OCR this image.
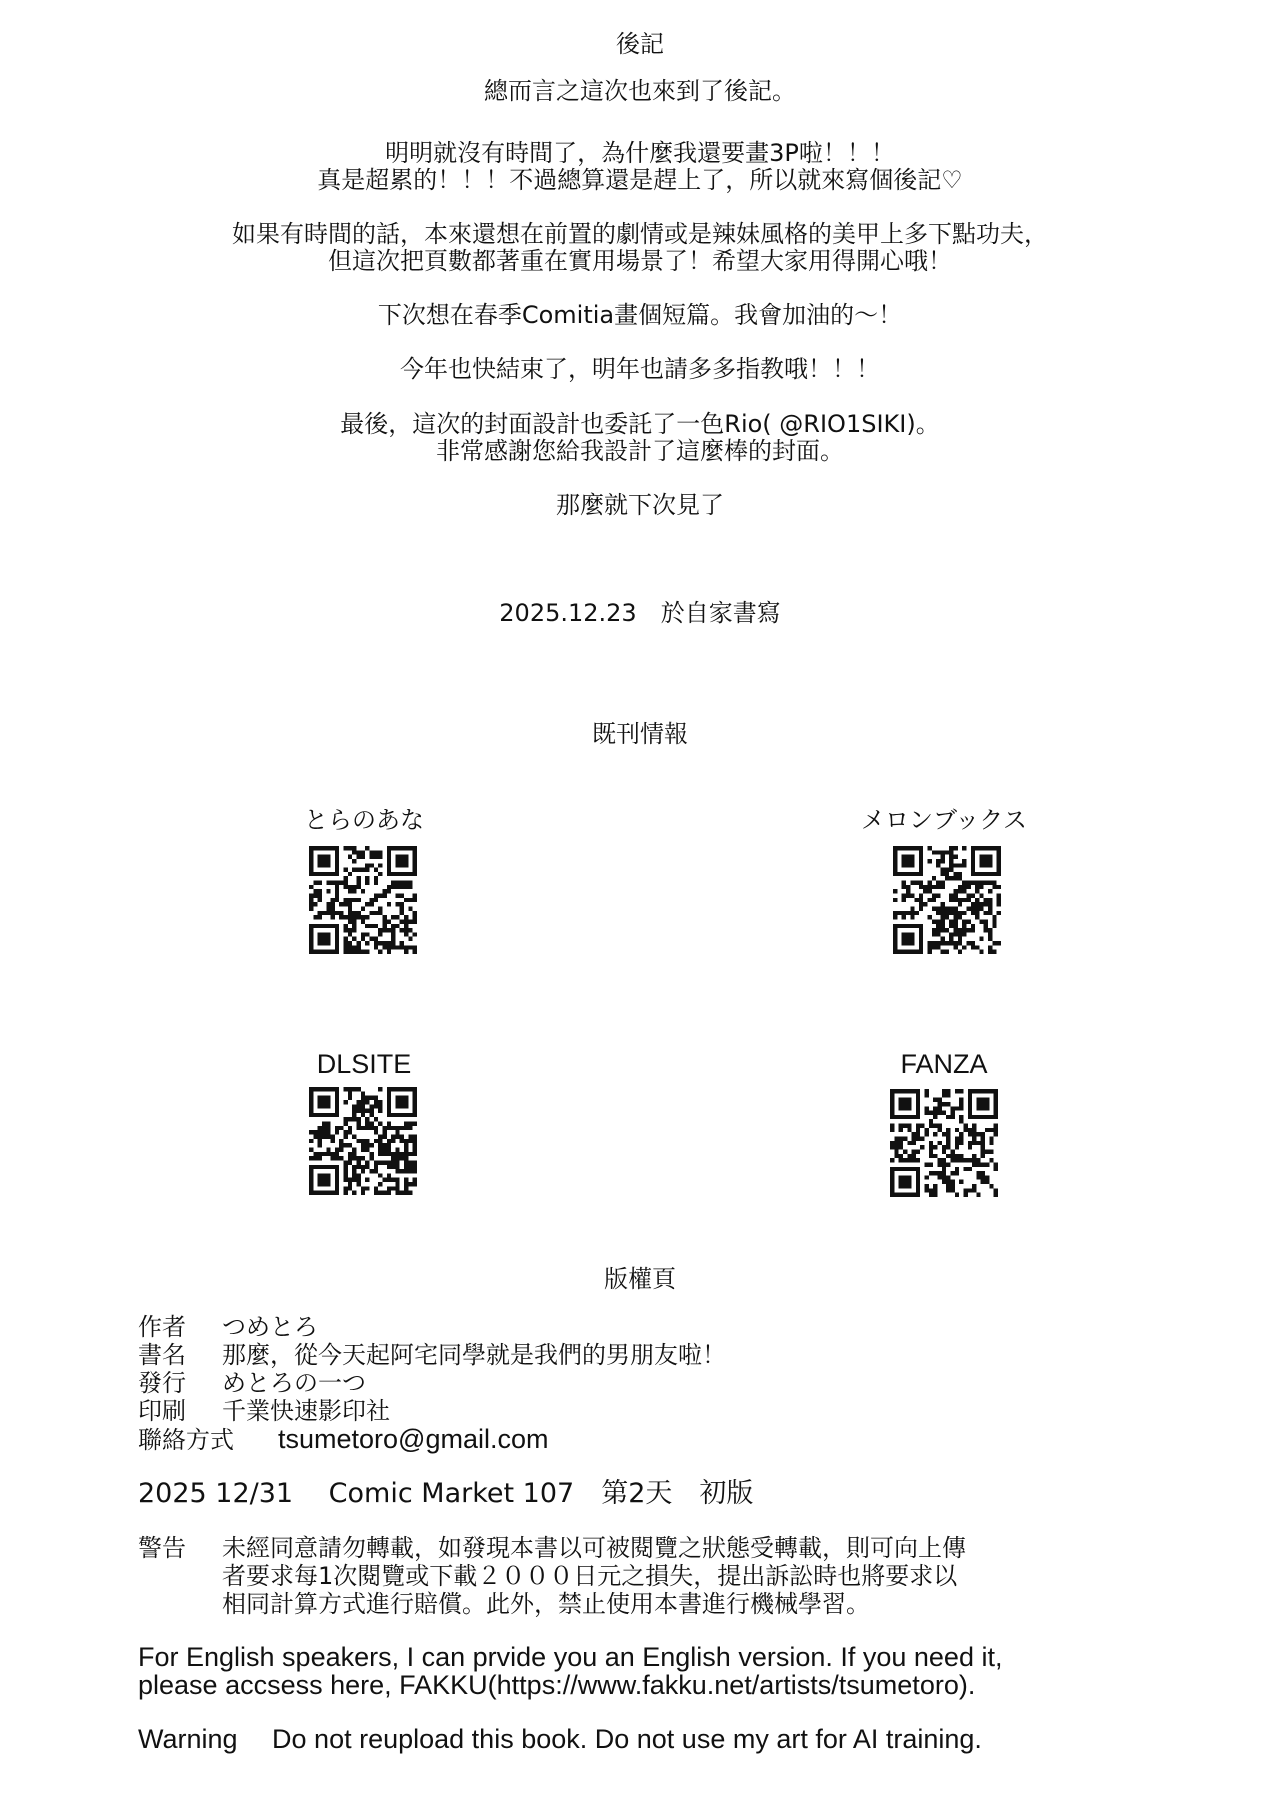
後記
總而言之這次也來到了後記。
明明就沒有時間了，為什麼我還要畫3P啦！！！
真是超累的！！！不過總算還是趕上了，所以就來寫個後記♡
如果有時間的話，本來還想在前置的劇情或是辣妹風格的美甲上多下點功夫，
但這次把頁數都著重在實用場景了！希望大家用得開心哦！
下次想在春季Comitia畫個短篇。我會加油的～！
今年也快結束了，明年也請多多指教哦！！！
最後，這次的封面設計也委託了一色Rio( @RIO1SIKI)。
非常感謝您給我設計了這麼棒的封面。
那麼就下次見了
2025.12.23　於自家書寫
既刊情報
とらのあな	メロンブックス
DLSITE	FANZA
版權頁
作者 つめとろ
書名 那麼，從今天起阿宅同學就是我們的男朋友啦！
發行 めとろの一つ
印刷 千業快速影印社
聯絡方式 tsumetoro@gmail.com
2025 12/31　 Comic Market 107　第2天　初版
警告 未經同意請勿轉載，如發現本書以可被閱覽之狀態受轉載，則可向上傳
者要求每1次閱覽或下載２０００日元之損失，提出訴訟時也將要求以
相同計算方式進行賠償。此外，禁止使用本書進行機械學習。
For English speakers, I can prvide you an English version. If you need it,
please accsess here, FAKKU(https://www.fakku.net/artists/tsumetoro).
Warning　 Do not reupload this book. Do not use my art for AI training.
